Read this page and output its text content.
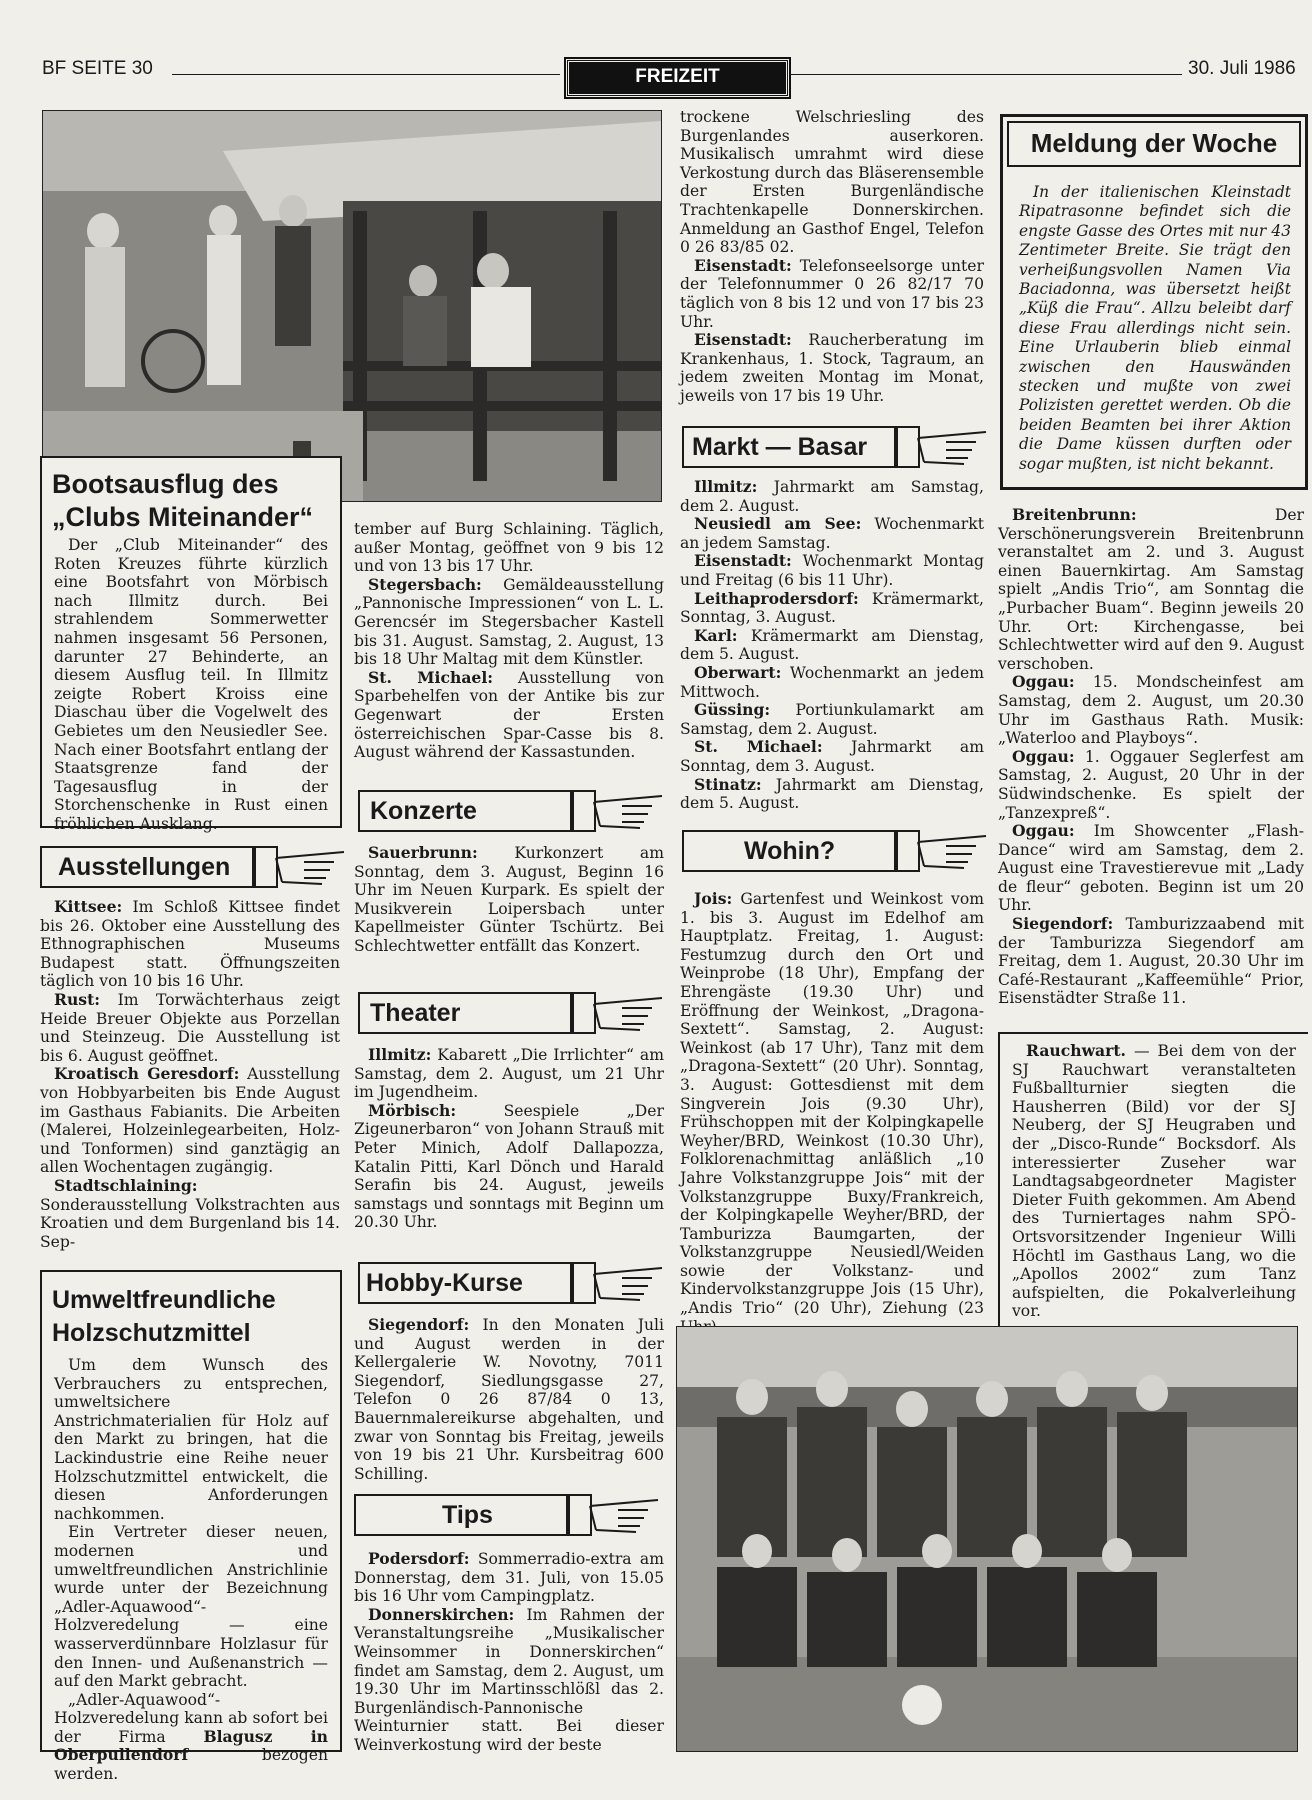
BF SEITE 30	FREIZEIT	30. Juli 1986
Bootsausflug des „Clubs Miteinander“

Der „Club Miteinander“ des Roten Kreuzes führte kürzlich eine Bootsfahrt von Mörbisch nach Illmitz durch. Bei strahlendem Sommerwetter nahmen insgesamt 56 Personen, darunter 27 Behinderte, an diesem Ausflug teil. In Illmitz zeigte Robert Kroiss eine Diaschau über die Vogelwelt des Gebietes um den Neusiedler See. Nach einer Bootsfahrt entlang der Staatsgrenze fand der Tagesausflug in der Storchenschenke in Rust einen fröhlichen Ausklang.

Ausstellungen

Kittsee: Im Schloß Kittsee findet bis 26. Oktober eine Ausstellung des Ethnographischen Museums Budapest statt. Öffnungszeiten täglich von 10 bis 16 Uhr.

Rust: Im Torwächterhaus zeigt Heide Breuer Objekte aus Porzellan und Steinzeug. Die Ausstellung ist bis 6. August geöffnet.

Kroatisch Geresdorf: Ausstellung von Hobbyarbeiten bis Ende August im Gasthaus Fabianits. Die Arbeiten (Malerei, Holzeinlegearbeiten, Holz- und Tonformen) sind ganztägig an allen Wochentagen zugängig.

Stadtschlaining: Sonderausstellung Volkstrachten aus Kroatien und dem Burgenland bis 14. Sep-

Umweltfreundliche Holzschutzmittel

Um dem Wunsch des Verbrauchers zu entsprechen, umweltsichere Anstrichmaterialien für Holz auf den Markt zu bringen, hat die Lackindustrie eine Reihe neuer Holzschutzmittel entwickelt, die diesen Anforderungen nachkommen.

Ein Vertreter dieser neuen, modernen und umweltfreundlichen Anstrichlinie wurde unter der Bezeichnung „Adler-Aquawood“-Holzveredelung — eine wasserverdünnbare Holzlasur für den Innen- und Außenanstrich — auf den Markt gebracht.

„Adler-Aquawood“-Holzveredelung kann ab sofort bei der Firma Blagusz in Oberpullendorf	bezogen werden.

tember auf Burg Schlaining. Täglich, außer Montag, geöffnet von 9 bis 12 und von 13 bis 17 Uhr.

Stegersbach: Gemäldeausstellung „Pannonische Impressionen“ von L. L. Gerencsér im Stegersbacher Kastell bis 31. August. Samstag, 2. August, 13 bis 18 Uhr Maltag mit dem Künstler.

St. Michael: Ausstellung von Sparbehelfen von der Antike bis zur Gegenwart der Ersten österreichischen Spar-Casse bis 8. August während der Kassastunden.

Konzerte

Sauerbrunn: Kurkonzert am Sonntag, dem 3. August, Beginn 16 Uhr im Neuen Kurpark. Es spielt der Musikverein Loipersbach unter Kapellmeister Günter Tschürtz. Bei Schlechtwetter entfällt das Konzert.

Theater

Illmitz: Kabarett „Die Irrlichter“ am Samstag, dem 2. August, um 21 Uhr im Jugendheim.

Mörbisch:	Seespiele „Der Zigeunerbaron“ von Johann Strauß mit Peter Minich, Adolf Dallapozza, Katalin Pitti, Karl Dönch und Harald Serafin bis 24. August, jeweils samstags und sonntags mit Beginn um 20.30 Uhr.

Hobby-Kurse

Siegendorf: In den Monaten Juli und August werden in der Kellergalerie W. Novotny, 7011 Siegendorf, Siedlungsgasse 27, Telefon 0 26 87/84 0 13, Bauernmalereikurse abgehalten, und zwar von Sonntag bis Freitag, jeweils von 19 bis 21 Uhr. Kursbeitrag 600 Schilling.

Tips

Podersdorf: Sommerradio-extra am Donnerstag, dem 31. Juli, von 15.05 bis 16 Uhr vom Campingplatz.

Donnerskirchen: Im Rahmen der Veranstaltungsreihe „Musikalischer Weinsommer in Donnerskirchen“ findet am Samstag, dem 2. August, um 19.30 Uhr im Martinsschlößl das 2. Burgenländisch-Pannonische Weinturnier statt. Bei dieser Weinverkostung wird der beste

trockene Welschriesling des Burgenlandes auserkoren. Musikalisch umrahmt wird diese Verkostung durch das Bläserensemble der Ersten Burgenländische Trachtenkapelle Donnerskirchen. Anmeldung an Gasthof Engel, Telefon 0 26 83/85 02.

Eisenstadt: Telefonseelsorge unter der Telefonnummer 0 26 82/17 70 täglich von 8 bis 12 und von 17 bis 23 Uhr.

Eisenstadt: Raucherberatung im Krankenhaus, 1. Stock, Tagraum, an jedem zweiten Montag im Monat, jeweils von 17 bis 19 Uhr.

Markt — Basar

Illmitz: Jahrmarkt am Samstag, dem 2. August.

Neusiedl am See: Wochenmarkt an jedem Samstag.

Eisenstadt: Wochenmarkt Montag und Freitag (6 bis 11 Uhr).

Leithaprodersdorf: Krämermarkt, Sonntag, 3. August.

Karl: Krämermarkt am Dienstag, dem 5. August.

Oberwart: Wochenmarkt an jedem Mittwoch.

Güssing: Portiunkulamarkt am Samstag, dem 2. August.

St. Michael: Jahrmarkt am Sonntag, dem 3. August.

Stinatz: Jahrmarkt am Dienstag, dem 5. August.

Wohin?

Jois: Gartenfest und Weinkost vom 1. bis 3. August im Edelhof am Hauptplatz. Freitag, 1. August: Festumzug durch den Ort und Weinprobe (18 Uhr), Empfang der Ehrengäste (19.30 Uhr) und Eröffnung der Weinkost, „Dragona-Sextett“. Samstag, 2. August: Weinkost (ab 17 Uhr), Tanz mit dem „Dragona-Sextett“ (20 Uhr). Sonntag, 3. August: Gottesdienst mit dem Singverein Jois (9.30 Uhr), Frühschoppen mit der Kolpingkapelle Weyher/BRD, Weinkost (10.30 Uhr), Folklorenachmittag anläßlich „10 Jahre Volkstanzgruppe Jois“ mit der Volkstanzgruppe Buxy/Frankreich, der Kolpingkapelle Weyher/BRD, der Tamburizza Baumgarten, der Volkstanzgruppe Neusiedl/Weiden sowie der Volkstanz- und Kindervolkstanzgruppe Jois (15 Uhr), „Andis Trio“ (20 Uhr), Ziehung (23

Meldung der Woche

In der italienischen Kleinstadt Ripatrasonne befindet sich die engste Gasse des Ortes mit nur 43 Zentimeter Breite. Sie trägt den verheißungsvollen Namen Via Baciadonna, was übersetzt heißt „Küß die Frau“. Allzu beleibt darf diese Frau allerdings nicht sein. Eine Urlauberin blieb einmal zwischen den Hauswänden stecken und mußte von zwei Polizisten gerettet werden. Ob die beiden Beamten bei ihrer Aktion die Dame küssen durften oder sogar mußten, ist nicht bekannt.

Breitenbrunn:	Der Verschönerungsverein Breitenbrunn veranstaltet am 2. und 3. August einen Bauernkirtag. Am Samstag spielt „Andis Trio“, am Sonntag die „Purbacher Buam“. Beginn jeweils 20 Uhr. Ort: Kirchengasse, bei Schlechtwetter wird auf den 9. August verschoben.

Oggau: 15. Mondscheinfest am Samstag, dem 2. August, um 20.30 Uhr im Gasthaus Rath. Musik: „Waterloo and Playboys“.

Oggau: 1. Oggauer Seglerfest am Samstag, 2. August, 20 Uhr in der Südwindschenke. Es spielt der „Tanzexpreß“.

Oggau: Im Showcenter „Flash-Dance“ wird am Samstag, dem 2. August eine Travestierevue mit „Lady de fleur“ geboten. Beginn ist um 20 Uhr.

Siegendorf: Tamburizzaabend mit der Tamburizza Siegendorf am Freitag, dem 1. August, 20.30 Uhr im Café-Restaurant „Kaffeemühle“ Prior, Eisenstädter Straße 11.

Rauchwart. — Bei dem von der SJ Rauchwart veranstalteten Fußballturnier siegten die Hausherren (Bild) vor der SJ Neuberg, der SJ Heugraben und der „Disco-Runde“ Bocksdorf. Als interessierter Zuseher war Landtagsabgeordneter Magister Dieter Fuith gekommen. Am Abend des Turniertages nahm SPÖ-Ortsvorsitzender Ingenieur Willi Höchtl im Gasthaus Lang, wo die „Apollos 2002“ zum Tanz aufspielten, die Pokalverleihung vor.
